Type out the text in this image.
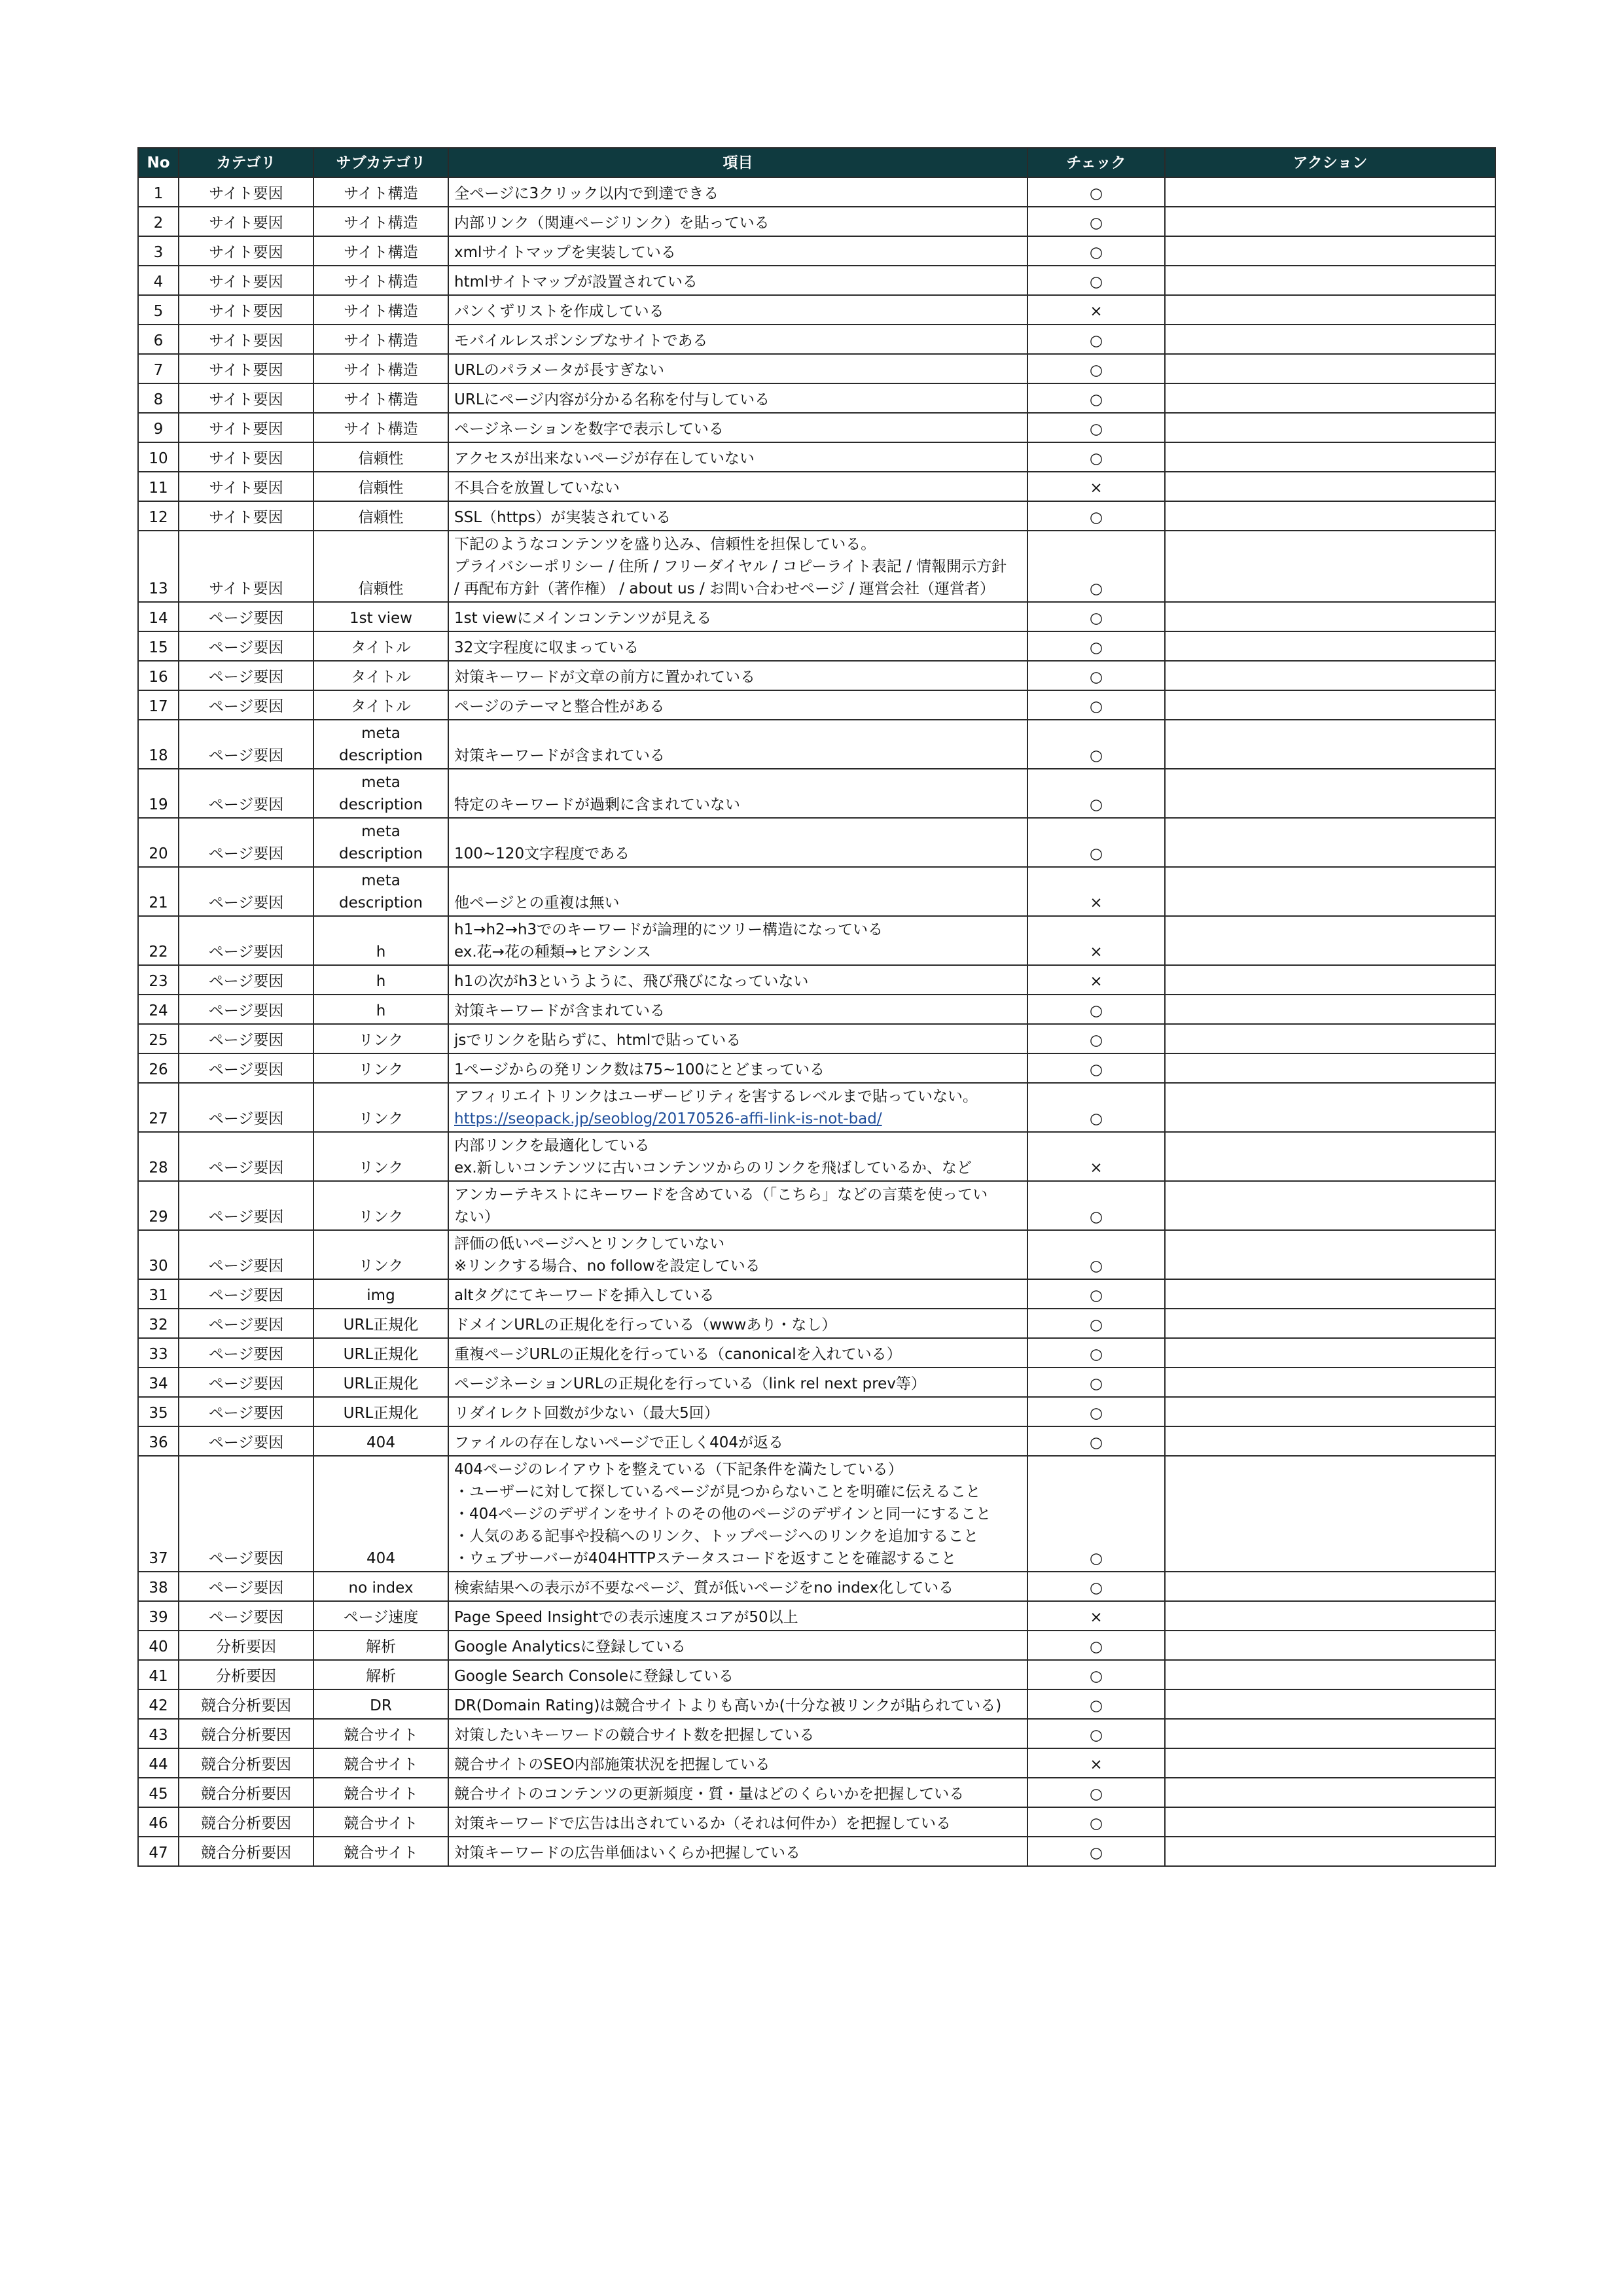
No	カテゴリ	サブカテゴリ	項目	チェック	アクション
1	サイト要因	サイト構造	全ページに3クリック以内で到達できる	○	
2	サイト要因	サイト構造	内部リンク（関連ページリンク）を貼っている	○	
3	サイト要因	サイト構造	xmlサイトマップを実装している	○	
4	サイト要因	サイト構造	htmlサイトマップが設置されている	○	
5	サイト要因	サイト構造	パンくずリストを作成している	×	
6	サイト要因	サイト構造	モバイルレスポンシブなサイトである	○	
7	サイト要因	サイト構造	URLのパラメータが長すぎない	○	
8	サイト要因	サイト構造	URLにページ内容が分かる名称を付与している	○	
9	サイト要因	サイト構造	ページネーションを数字で表示している	○	
10	サイト要因	信頼性	アクセスが出来ないページが存在していない	○	
11	サイト要因	信頼性	不具合を放置していない	×	
12	サイト要因	信頼性	SSL（https）が実装されている	○	
13	サイト要因	信頼性	下記のようなコンテンツを盛り込み、信頼性を担保している。
プライバシーポリシー / 住所 / フリーダイヤル / コピーライト表記 / 情報開示方針
/ 再配布方針（著作権） / about us / お問い合わせページ / 運営会社（運営者）	○	
14	ページ要因	1st view	1st viewにメインコンテンツが見える	○	
15	ページ要因	タイトル	32文字程度に収まっている	○	
16	ページ要因	タイトル	対策キーワードが文章の前方に置かれている	○	
17	ページ要因	タイトル	ページのテーマと整合性がある	○	
18	ページ要因	meta description	対策キーワードが含まれている	○	
19	ページ要因	meta description	特定のキーワードが過剰に含まれていない	○	
20	ページ要因	meta description	100~120文字程度である	○	
21	ページ要因	meta description	他ページとの重複は無い	×	
22	ページ要因	h	h1→h2→h3でのキーワードが論理的にツリー構造になっている
ex.花→花の種類→ヒアシンス	×	
23	ページ要因	h	h1の次がh3というように、飛び飛びになっていない	×	
24	ページ要因	h	対策キーワードが含まれている	○	
25	ページ要因	リンク	jsでリンクを貼らずに、htmlで貼っている	○	
26	ページ要因	リンク	1ページからの発リンク数は75~100にとどまっている	○	
27	ページ要因	リンク	アフィリエイトリンクはユーザービリティを害するレベルまで貼っていない。
https://seopack.jp/seoblog/20170526-affi-link-is-not-bad/	○	
28	ページ要因	リンク	内部リンクを最適化している
ex.新しいコンテンツに古いコンテンツからのリンクを飛ばしているか、など	×	
29	ページ要因	リンク	アンカーテキストにキーワードを含めている（「こちら」などの言葉を使ってい
ない）	○	
30	ページ要因	リンク	評価の低いページへとリンクしていない
※リンクする場合、no followを設定している	○	
31	ページ要因	img	altタグにてキーワードを挿入している	○	
32	ページ要因	URL正規化	ドメインURLの正規化を行っている（wwwあり・なし）	○	
33	ページ要因	URL正規化	重複ページURLの正規化を行っている（canonicalを入れている）	○	
34	ページ要因	URL正規化	ページネーションURLの正規化を行っている（link rel next prev等）	○	
35	ページ要因	URL正規化	リダイレクト回数が少ない（最大5回）	○	
36	ページ要因	404	ファイルの存在しないページで正しく404が返る	○	
37	ページ要因	404	404ページのレイアウトを整えている（下記条件を満たしている）
・ユーザーに対して探しているページが見つからないことを明確に伝えること
・404ページのデザインをサイトのその他のページのデザインと同一にすること
・人気のある記事や投稿へのリンク、トップページへのリンクを追加すること
・ウェブサーバーが404HTTPステータスコードを返すことを確認すること	○	
38	ページ要因	no index	検索結果への表示が不要なページ、質が低いページをno index化している	○	
39	ページ要因	ページ速度	Page Speed Insightでの表示速度スコアが50以上	×	
40	分析要因	解析	Google Analyticsに登録している	○	
41	分析要因	解析	Google Search Consoleに登録している	○	
42	競合分析要因	DR	DR(Domain Rating)は競合サイトよりも高いか(十分な被リンクが貼られている)	○	
43	競合分析要因	競合サイト	対策したいキーワードの競合サイト数を把握している	○	
44	競合分析要因	競合サイト	競合サイトのSEO内部施策状況を把握している	×	
45	競合分析要因	競合サイト	競合サイトのコンテンツの更新頻度・質・量はどのくらいかを把握している	○	
46	競合分析要因	競合サイト	対策キーワードで広告は出されているか（それは何件か）を把握している	○	
47	競合分析要因	競合サイト	対策キーワードの広告単価はいくらか把握している	○	
